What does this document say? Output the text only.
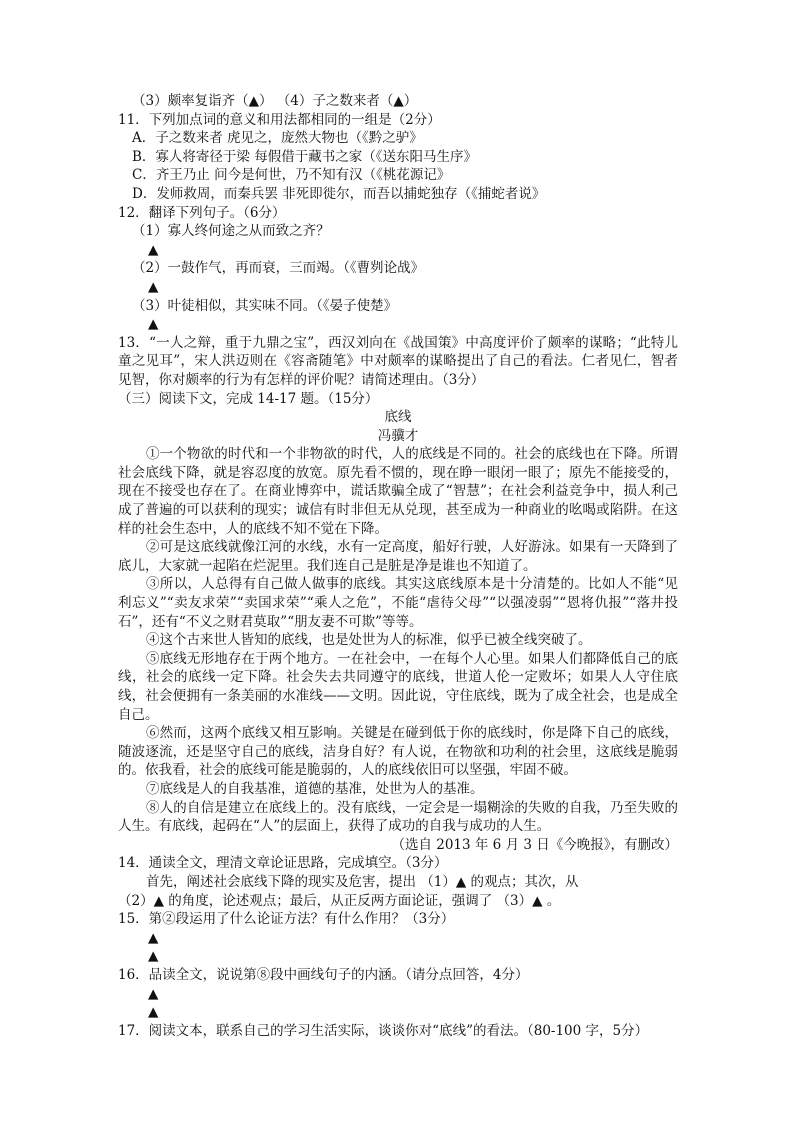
（3）颇率复诣齐（▲） （4）子之数来者（▲）
11．下列加点词的意义和用法都相同的一组是（2分）
A．子之数来者 虎见之，庞然大物也（《黔之驴》
B．寡人将寄径于梁 每假借于藏书之家（《送东阳马生序》
C．齐王乃止 问今是何世，乃不知有汉（《桃花源记》
D．发师救周，而秦兵罢 非死即徙尔，而吾以捕蛇独存（《捕蛇者说》
12．翻译下列句子。（6分）
（1）寡人终何途之从而致之齐？
▲
（2）一鼓作气，再而衰，三而竭。（《曹刿论战》
▲
（3）叶徒相似，其实味不同。（《晏子使楚》
▲
13．“一人之辩，重于九鼎之宝”，西汉刘向在《战国策》中高度评价了颇率的谋略；“此特儿童之见耳”，宋人洪迈则在《容斋随笔》中对颇率的谋略提出了自己的看法。仁者见仁，智者见智，你对颇率的行为有怎样的评价呢？请简述理由。（3分）
（三）阅读下文，完成 14-17 题。（15分）
底线
冯骥才
①一个物欲的时代和一个非物欲的时代，人的底线是不同的。社会的底线也在下降。所谓社会底线下降，就是容忍度的放宽。原先看不惯的，现在睁一眼闭一眼了；原先不能接受的，现在不接受也存在了。在商业博弈中，谎话欺骗全成了“智慧”；在社会利益竞争中，损人利己成了普遍的可以获利的现实；诚信有时非但无从兑现，甚至成为一种商业的吆喝或陷阱。在这样的社会生态中，人的底线不知不觉在下降。
②可是这底线就像江河的水线，水有一定高度，船好行驶，人好游泳。如果有一天降到了底儿，大家就一起陷在烂泥里。我们连自己是脏是净是谁也不知道了。
③所以，人总得有自己做人做事的底线。其实这底线原本是十分清楚的。比如人不能“见利忘义”“卖友求荣”“卖国求荣”“乘人之危”，不能“虐待父母”“以强凌弱”“恩将仇报”“落井投石”，还有“不义之财君莫取”“朋友妻不可欺”等等。
④这个古来世人皆知的底线，也是处世为人的标准，似乎已被全线突破了。
⑤底线无形地存在于两个地方。一在社会中，一在每个人心里。如果人们都降低自己的底线，社会的底线一定下降。社会失去共同遵守的底线，世道人伦一定败坏；如果人人守住底线，社会便拥有一条美丽的水准线——文明。因此说，守住底线，既为了成全社会，也是成全自己。
⑥然而，这两个底线又相互影响。关键是在碰到低于你的底线时，你是降下自己的底线，随波逐流，还是坚守自己的底线，洁身自好？有人说，在物欲和功利的社会里，这底线是脆弱的。依我看，社会的底线可能是脆弱的，人的底线依旧可以坚强，牢固不破。
⑦底线是人的自我基准，道德的基准，处世为人的基准。
⑧人的自信是建立在底线上的。没有底线，一定会是一塌糊涂的失败的自我，乃至失败的人生。有底线，起码在“人”的层面上，获得了成功的自我与成功的人生。
（选自 2013 年 6 月 3 日《今晚报》，有删改）
14．通读全文，理清文章论证思路，完成填空。（3分）
首先，阐述社会底线下降的现实及危害，提出 （1）▲ 的观点；其次，从
（2）▲ 的角度，论述观点；最后，从正反两方面论证，强调了 （3）▲ 。
15．第②段运用了什么论证方法？有什么作用？（3分）
▲
▲
16．品读全文，说说第⑧段中画线句子的内涵。（请分点回答，4分）
▲
▲
17．阅读文本，联系自己的学习生活实际，谈谈你对“底线”的看法。（80-100 字，5分）
